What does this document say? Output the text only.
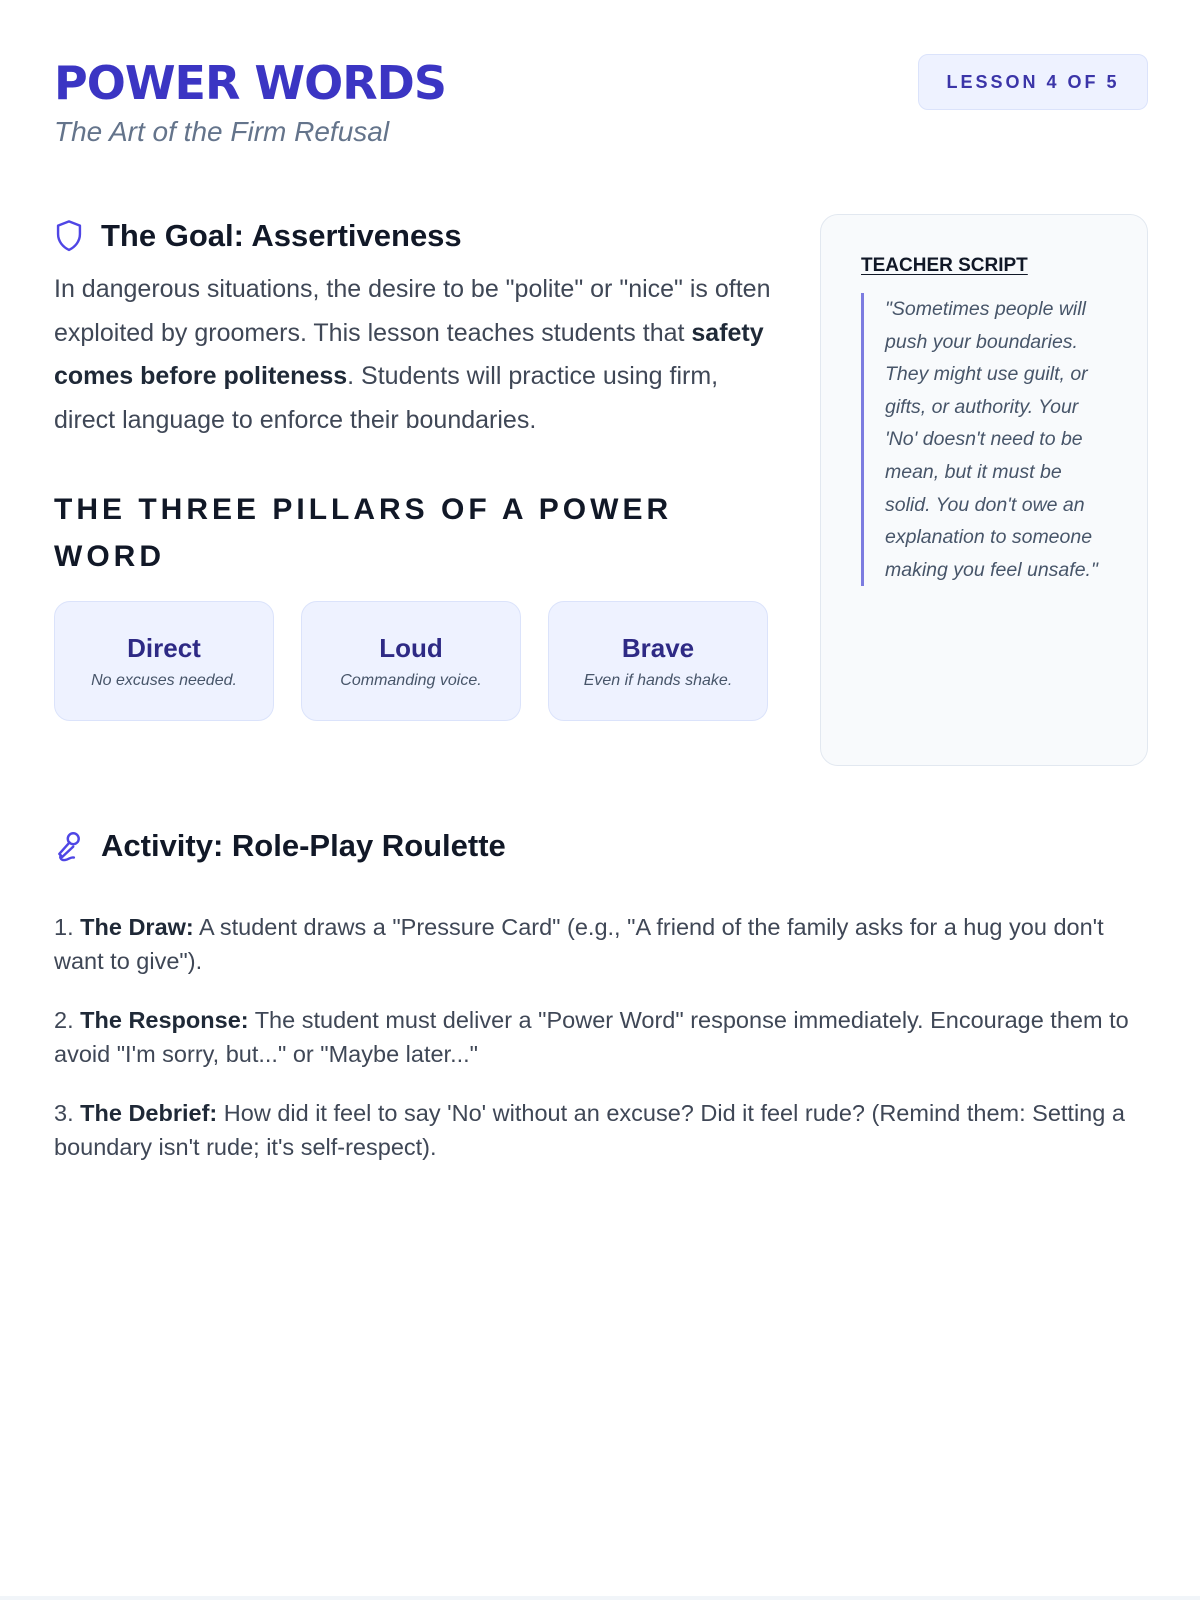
POWER WORDS
The Art of the Firm Refusal
LESSON 4 OF 5
The Goal: Assertiveness

In dangerous situations, the desire to be "polite" or "nice" is often exploited by groomers. This lesson teaches students that safety comes before politeness. Students will practice using firm, direct language to enforce their boundaries.

THE THREE PILLARS OF A POWER WORD
Direct
No excuses needed.
Loud
Commanding voice.
Brave
Even if hands shake.
TEACHER SCRIPT
"Sometimes people will push your boundaries. They might use guilt, or gifts, or authority. Your 'No' doesn't need to be mean, but it must be solid. You don't owe an explanation to someone making you feel unsafe."
Activity: Role-Play Roulette

1. The Draw: A student draws a "Pressure Card" (e.g., "A friend of the family asks for a hug you don't want to give").

2. The Response: The student must deliver a "Power Word" response immediately. Encourage them to avoid "I'm sorry, but..." or "Maybe later..."

3. The Debrief: How did it feel to say 'No' without an excuse? Did it feel rude? (Remind them: Setting a boundary isn't rude; it's self-respect).
